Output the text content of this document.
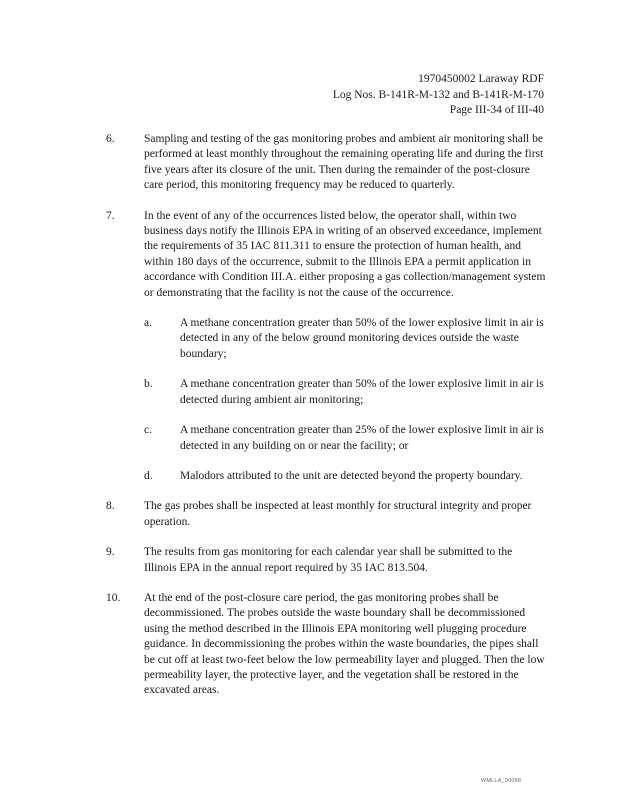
1970450002 Laraway RDF
Log Nos. B-141R-M-132 and B-141R-M-170
Page III-34 of III-40
6.	Sampling and testing of the gas monitoring probes and ambient air monitoring shall be performed at least monthly throughout the remaining operating life and during the first five years after its closure of the unit. Then during the remainder of the post-closure care period, this monitoring frequency may be reduced to quarterly.
7.	In the event of any of the occurrences listed below, the operator shall, within two business days notify the Illinois EPA in writing of an observed exceedance, implement the requirements of 35 IAC 811.311 to ensure the protection of human health, and within 180 days of the occurrence, submit to the Illinois EPA a permit application in accordance with Condition III.A. either proposing a gas collection/management system or demonstrating that the facility is not the cause of the occurrence.
a.	A methane concentration greater than 50% of the lower explosive limit in air is detected in any of the below ground monitoring devices outside the waste boundary;
b.	A methane concentration greater than 50% of the lower explosive limit in air is detected during ambient air monitoring;
c.	A methane concentration greater than 25% of the lower explosive limit in air is detected in any building on or near the facility; or
d.	Malodors attributed to the unit are detected beyond the property boundary.
8.	The gas probes shall be inspected at least monthly for structural integrity and proper operation.
9.	The results from gas monitoring for each calendar year shall be submitted to the Illinois EPA in the annual report required by 35 IAC 813.504.
10.	At the end of the post-closure care period, the gas monitoring probes shall be decommissioned. The probes outside the waste boundary shall be decommissioned using the method described in the Illinois EPA monitoring well plugging procedure guidance. In decommissioning the probes within the waste boundaries, the pipes shall be cut off at least two-feet below the low permeability layer and plugged. Then the low permeability layer, the protective layer, and the vegetation shall be restored in the excavated areas.
WMLLA_00068
